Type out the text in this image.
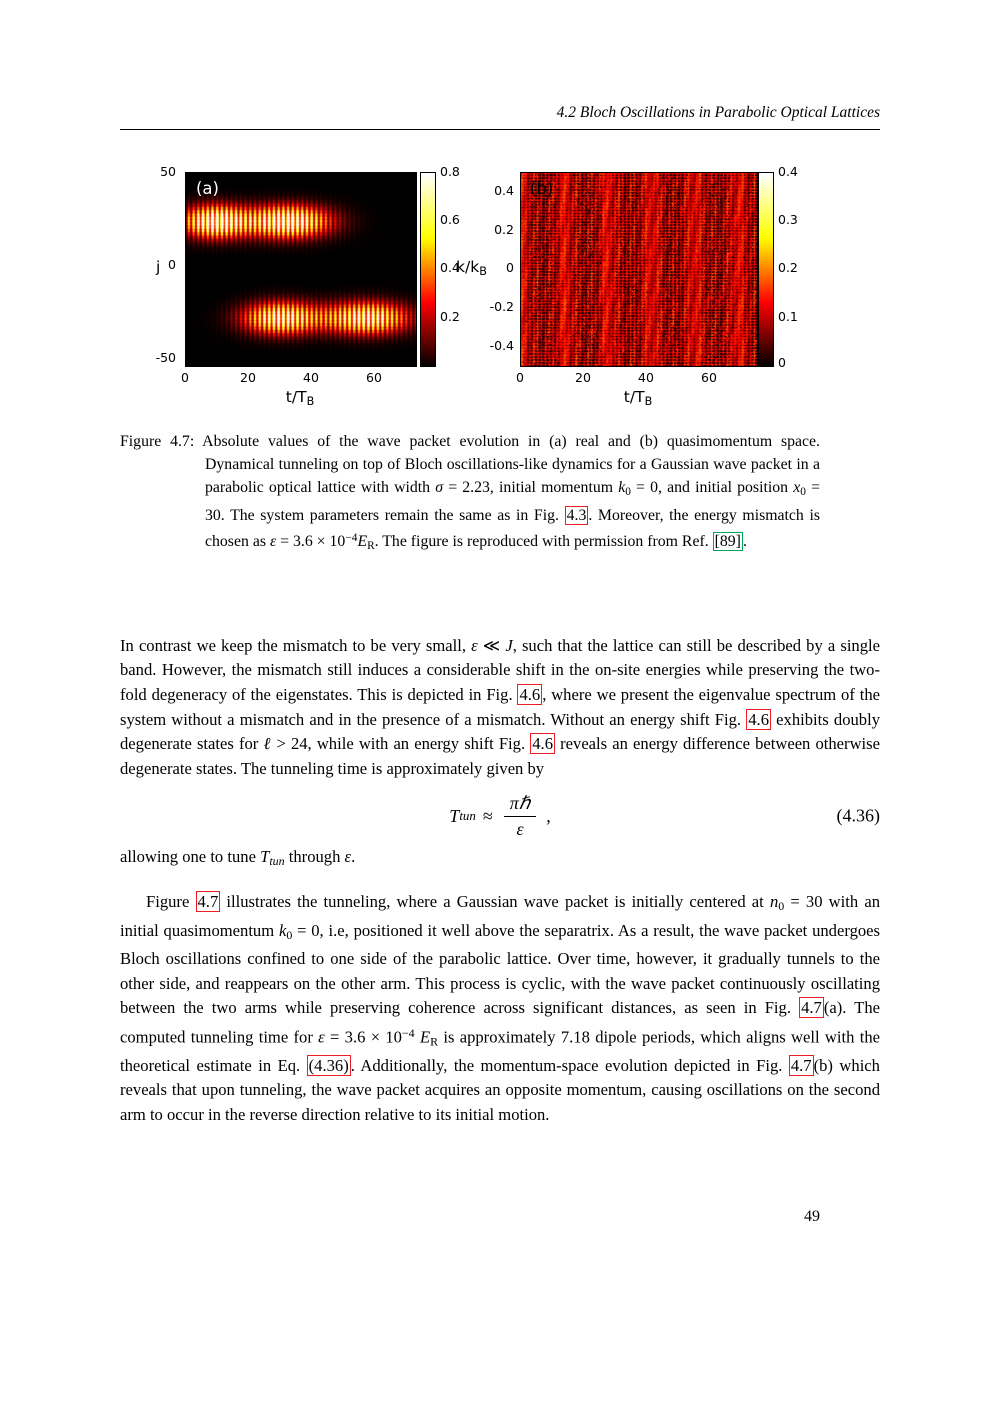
4.2 Bloch Oscillations in Parabolic Optical Lattices
j
50
0
-50
(a)
0.8
0.6
0.4
0.2
0	20	40	60
t/TB
k/kB
0.4
0.2
0
-0.2
-0.4
(b)
0.4
0.3
0.2
0.1
0
0	20	40	60
t/TB

Figure 4.7: Absolute values of the wave packet evolution in (a) real and (b) quasimomentum space. Dynamical tunneling on top of Bloch oscillations-like dynamics for a Gaussian wave packet in a parabolic optical lattice with width σ = 2.23, initial momentum $k_0 = 0$, and initial position $x_0 = 30$. The system parameters remain the same as in Fig. 4.3 . Moreover, the energy mismatch is chosen as $\varepsilon = 3.6 \times 10^{-4}E_R$. The figure is reproduced with permission from Ref. [89] .

In contrast we keep the mismatch to be very small, ε ≪ J, such that the lattice can still be described by a single band. However, the mismatch still induces a considerable shift in the on-site energies while preserving the two-fold degeneracy of the eigenstates. This is depicted in Fig. 4.6 , where we present the eigenvalue spectrum of the system without a mismatch and in the presence of a mismatch. Without an energy shift Fig. 4.6 exhibits doubly degenerate states for ℓ > 24, while with an energy shift Fig. 4.6 reveals an energy difference between otherwise degenerate states. The tunneling time is approximately given by

T tun ≈ $\frac{\text{πℏ}}{\varepsilon}$ ,	(4.36)

allowing one to tune Ttun through ε.

Figure 4.7 illustrates the tunneling, where a Gaussian wave packet is initially centered at $n_0 = 30$ with an initial quasimomentum $k_0 = 0$, i.e, positioned it well above the separatrix. As a result, the wave packet undergoes Bloch oscillations confined to one side of the parabolic lattice. Over time, however, it gradually tunnels to the other side, and reappears on the other arm. This process is cyclic, with the wave packet continuously oscillating between the two arms while preserving coherence across significant distances, as seen in Fig. 4.7 (a). The computed tunneling time for $\varepsilon = 3.6 \times 10^{-4}$ $E_R$ is approximately 7.18 dipole periods, which aligns well with the theoretical estimate in Eq. (4.36) . Additionally, the momentum-space evolution depicted in Fig. 4.7 (b) which reveals that upon tunneling, the wave packet acquires an opposite momentum, causing oscillations on the second arm to occur in the reverse direction relative to its initial motion.

49
